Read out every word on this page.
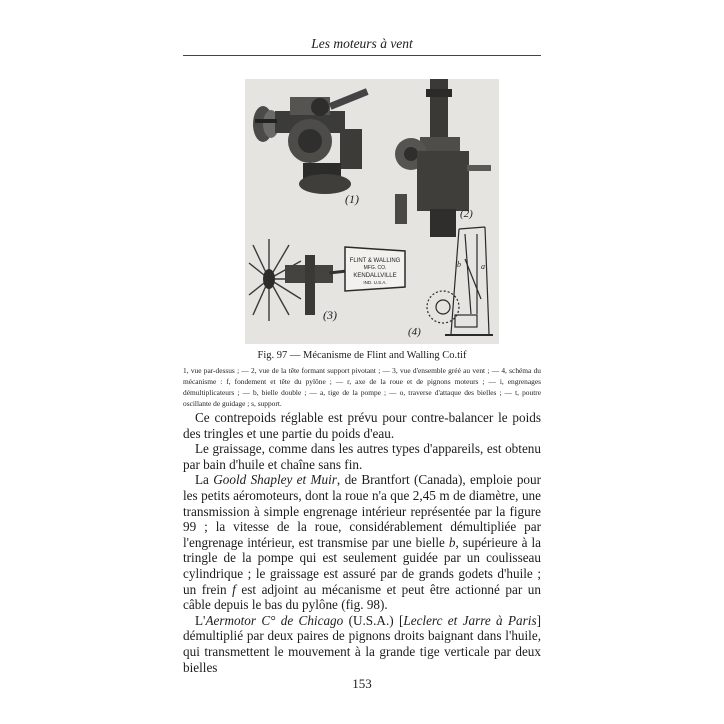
Les moteurs à vent
(1)
(2)
FLINT & WALLING
MFG. CO.
KENDALLVILLE
IND. U.S.A.
(3)
b	a
(4)
Fig. 97 — Mécanisme de Flint and Walling Co.tif
1, vue par-dessus ; — 2, vue de la tête formant support pivotant ; — 3, vue d'ensemble gréé au vent ; — 4, schéma du mécanisme : f, fondement et tête du pylône ; — r, axe de la roue et de pignons moteurs ; — i, engrenages démultiplicateurs ; — b, bielle double ; — a, tige de la pompe ; — o, traverse d'attaque des bielles ; — t, poutre oscillante de guidage ; s, support.

Ce contrepoids réglable est prévu pour contre-balancer le poids des tringles et une partie du poids d'eau.

Le graissage, comme dans les autres types d'appareils, est obtenu par bain d'huile et chaîne sans fin.

La Goold Shapley et Muir, de Brantfort (Canada), emploie pour les petits aéromoteurs, dont la roue n'a que 2,45 m de diamètre, une transmission à simple engrenage intérieur représentée par la figure 99 ; la vitesse de la roue, considérablement démultipliée par l'engrenage intérieur, est transmise par une bielle b, supérieure à la tringle de la pompe qui est seulement guidée par un coulisseau cylindrique ; le graissage est assuré par de grands godets d'huile ; un frein f est adjoint au mécanisme et peut être actionné par un câble depuis le bas du pylône (fig. 98).

L'Aermotor C° de Chicago (U.S.A.) [Leclerc et Jarre à Paris] démultiplié par deux paires de pignons droits baignant dans l'huile, qui transmettent le mouvement à la grande tige verticale par deux bielles

153
